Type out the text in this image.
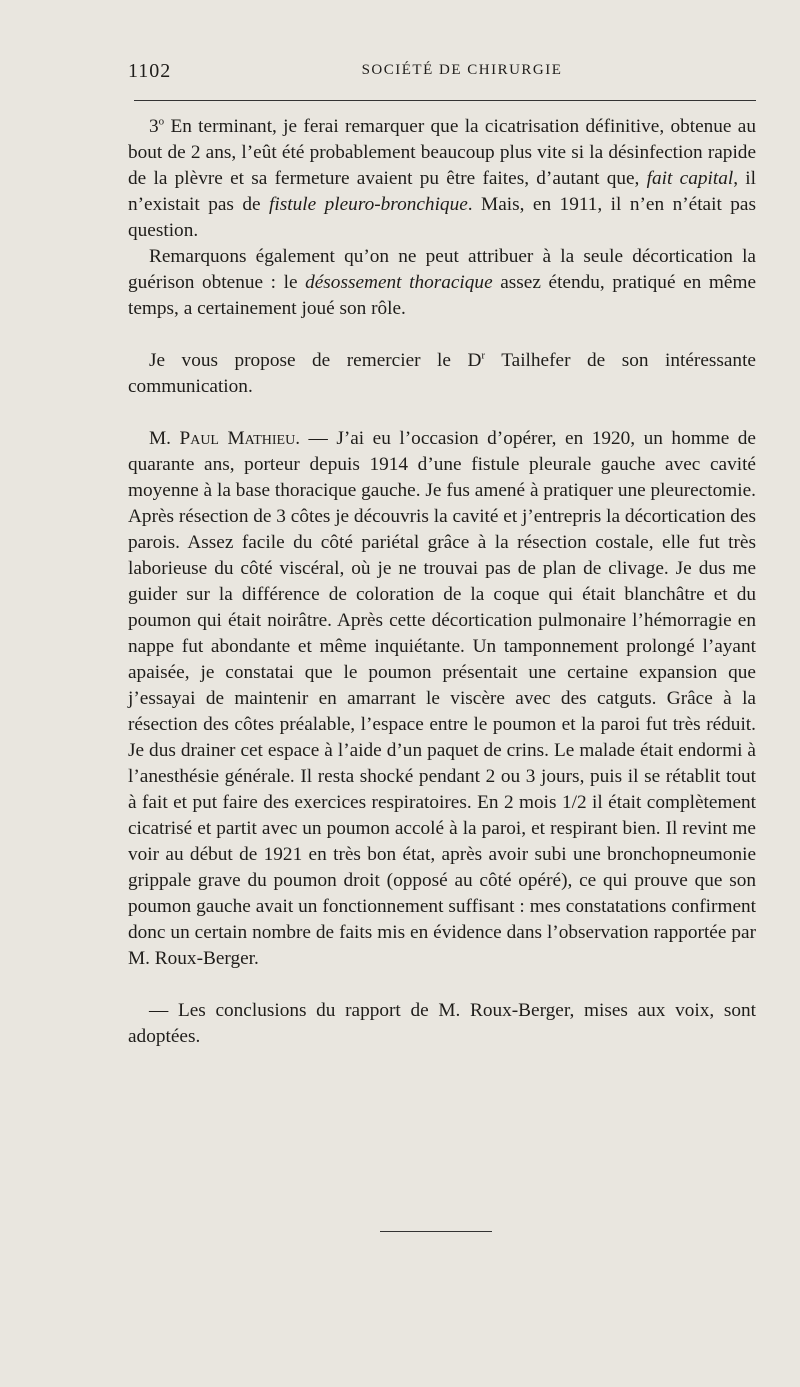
1102	SOCIÉTÉ DE CHIRURGIE

3$^o$ En terminant, je ferai remarquer que la cicatrisation définitive, obtenue au bout de 2 ans, l’eût été probablement beaucoup plus vite si la désinfection rapide de la plèvre et sa fermeture avaient pu être faites, d’autant que, fait capital, il n’existait pas de fistule pleuro-bronchique. Mais, en 1911, il n’en n’était pas question.

Remarquons également qu’on ne peut attribuer à la seule décortication la guérison obtenue : le désossement thoracique assez étendu, pratiqué en même temps, a certainement joué son rôle.

Je vous propose de remercier le $D^r$ Tailhefer de son intéressante communication.

M. Paul Mathieu. — J’ai eu l’occasion d’opérer, en 1920, un homme de quarante ans, porteur depuis 1914 d’une fistule pleurale gauche avec cavité moyenne à la base thoracique gauche. Je fus amené à pratiquer une pleurectomie. Après résection de 3 côtes je découvris la cavité et j’entrepris la décortication des parois. Assez facile du côté pariétal grâce à la résection costale, elle fut très laborieuse du côté viscéral, où je ne trouvai pas de plan de clivage. Je dus me guider sur la différence de coloration de la coque qui était blanchâtre et du poumon qui était noirâtre. Après cette décortication pulmonaire l’hémorragie en nappe fut abondante et même inquiétante. Un tamponnement prolongé l’ayant apaisée, je constatai que le poumon présentait une certaine expansion que j’essayai de maintenir en amarrant le viscère avec des catguts. Grâce à la résection des côtes préalable, l’espace entre le poumon et la paroi fut très réduit. Je dus drainer cet espace à l’aide d’un paquet de crins. Le malade était endormi à l’anesthésie générale. Il resta shocké pendant 2 ou 3 jours, puis il se rétablit tout à fait et put faire des exercices respiratoires. En 2 mois 1/2 il était complètement cicatrisé et partit avec un poumon accolé à la paroi, et respirant bien. Il revint me voir au début de 1921 en très bon état, après avoir subi une bronchopneumonie grippale grave du poumon droit (opposé au côté opéré), ce qui prouve que son poumon gauche avait un fonctionnement suffisant : mes constatations confirment donc un certain nombre de faits mis en évidence dans l’observation rapportée par M. Roux-Berger.

— Les conclusions du rapport de M. Roux-Berger, mises aux voix, sont adoptées.
